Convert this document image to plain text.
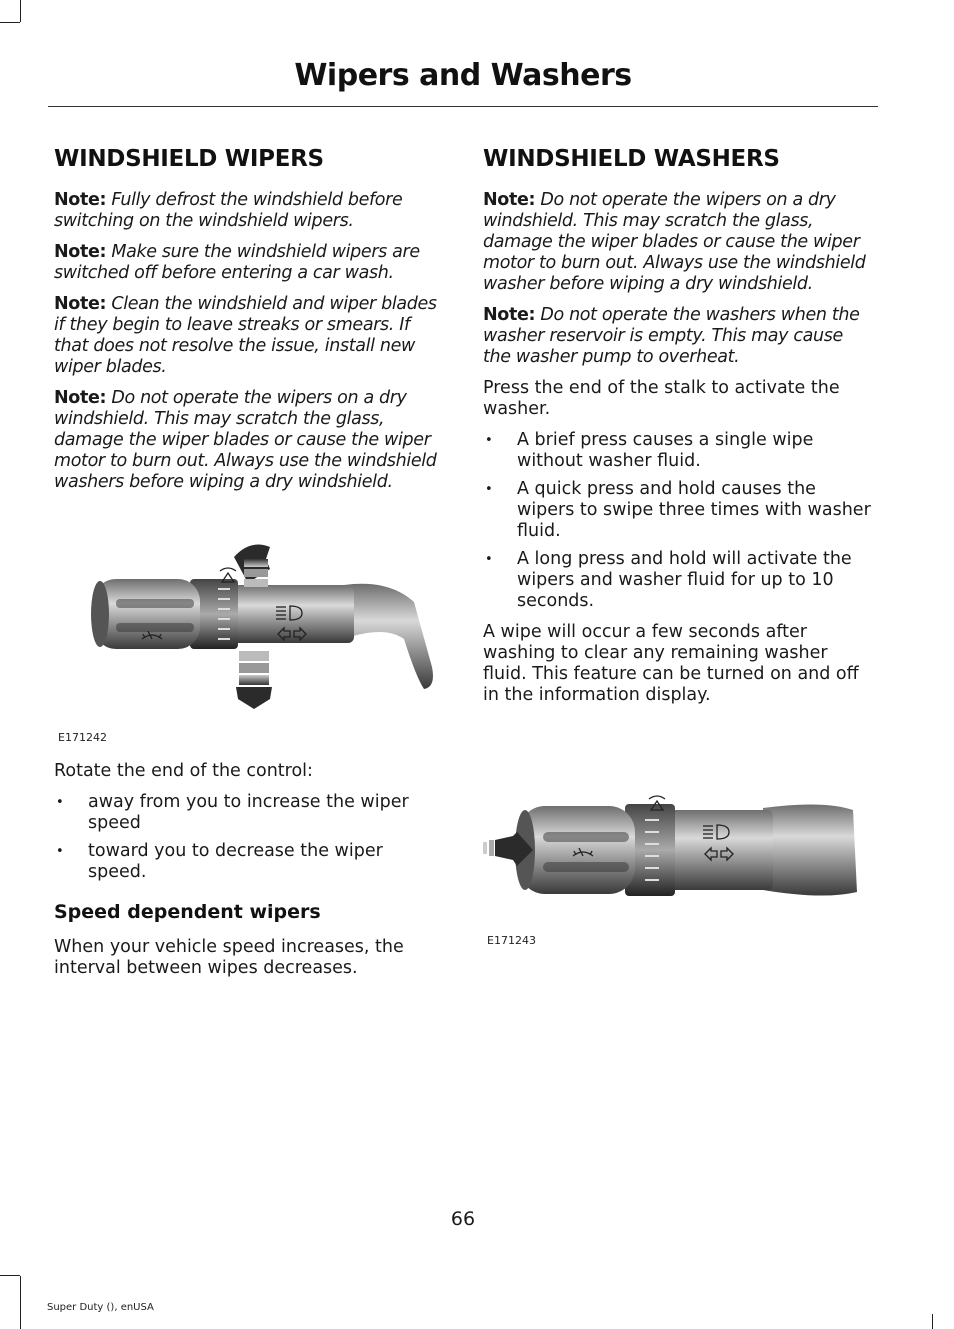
Wipers and Washers
WINDSHIELD WIPERS

Note: Fully defrost the windshield before switching on the windshield wipers.

Note: Make sure the windshield wipers are switched off before entering a car wash.

Note: Clean the windshield and wiper blades if they begin to leave streaks or smears. If that does not resolve the issue, install new wiper blades.

Note: Do not operate the wipers on a dry windshield. This may scratch the glass, damage the wiper blades or cause the wiper motor to burn out. Always use the windshield washers before wiping a dry windshield.

E171242

Rotate the end of the control:

• away from you to increase the wiper speed
• toward you to decrease the wiper speed.
Speed dependent wipers

When your vehicle speed increases, the interval between wipes decreases.

WINDSHIELD WASHERS

Note: Do not operate the wipers on a dry windshield. This may scratch the glass, damage the wiper blades or cause the wiper motor to burn out. Always use the windshield washer before wiping a dry windshield.

Note: Do not operate the washers when the washer reservoir is empty. This may cause the washer pump to overheat.

Press the end of the stalk to activate the washer.

• A brief press causes a single wipe without washer fluid.
• A quick press and hold causes the wipers to swipe three times with washer fluid.
• A long press and hold will activate the wipers and washer fluid for up to 10 seconds.

A wipe will occur a few seconds after washing to clear any remaining washer fluid. This feature can be turned on and off in the information display.

E171243
66
Super Duty (), enUSA
